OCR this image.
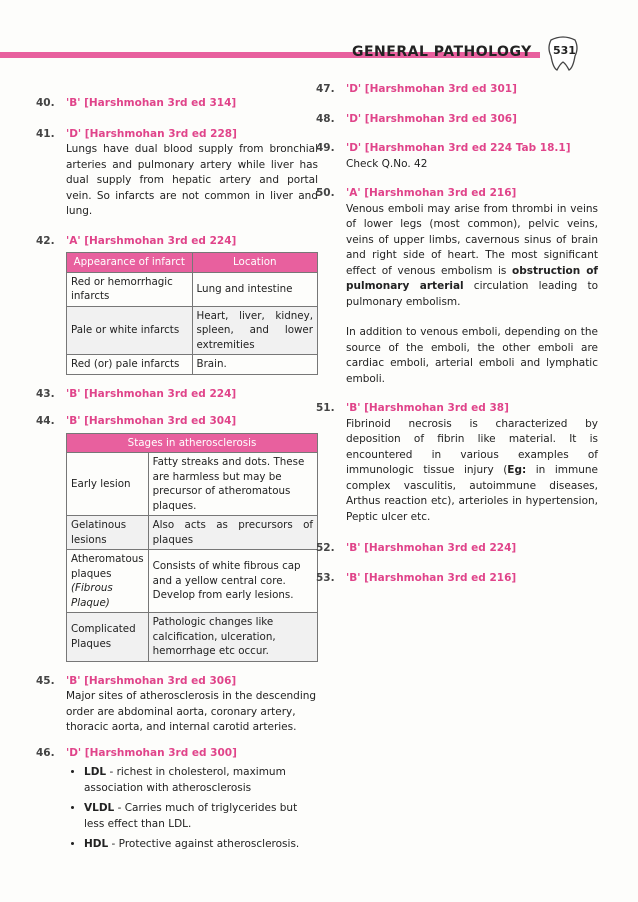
GENERAL PATHOLOGY 531
40.	'B' [Harshmohan 3rd ed 314]
41.	'D' [Harshmohan 3rd ed 228]
Lungs have dual blood supply from bronchial arteries and pulmonary artery while liver has dual supply from hepatic artery and portal vein. So infarcts are not common in liver and lung.
42.	'A' [Harshmohan 3rd ed 224]
Appearance of infarct	Location
Red or hemorrhagic infarcts	Lung and intestine
Pale or white infarcts	Heart, liver, kidney, spleen, and lower extremities
Red (or) pale infarcts	Brain.
43.	'B' [Harshmohan 3rd ed 224]
44.	'B' [Harshmohan 3rd ed 304]
Stages in atherosclerosis	
Early lesion	Fatty streaks and dots. These are harmless but may be precursor of atheromatous plaques.
Gelatinous lesions	Also acts as precursors of plaques
Atheromatous plaques
(Fibrous Plaque)	Consists of white fibrous cap and a yellow central core. Develop from early lesions.
Complicated Plaques	Pathologic changes like calcification, ulceration, hemorrhage etc occur.
45.	'B' [Harshmohan 3rd ed 306]
Major sites of atherosclerosis in the descending order are abdominal aorta, coronary artery, thoracic aorta, and internal carotid arteries.
46.	'D' [Harshmohan 3rd ed 300]
• LDL - richest in cholesterol, maximum association with atherosclerosis
• VLDL - Carries much of triglycerides but less effect than LDL.
• HDL - Protective against atherosclerosis.
47.	'D' [Harshmohan 3rd ed 301]
48.	'D' [Harshmohan 3rd ed 306]
49.	'D' [Harshmohan 3rd ed 224 Tab 18.1]
Check Q.No. 42
50.	'A' [Harshmohan 3rd ed 216]
Venous emboli may arise from thrombi in veins of lower legs (most common), pelvic veins, veins of upper limbs, cavernous sinus of brain and right side of heart. The most significant effect of venous embolism is obstruction of pulmonary arterial circulation leading to pulmonary embolism.
In addition to venous emboli, depending on the source of the emboli, the other emboli are cardiac emboli, arterial emboli and lymphatic emboli.
51.	'B' [Harshmohan 3rd ed 38]
Fibrinoid necrosis is characterized by deposition of fibrin like material. It is encountered in various examples of immunologic tissue injury (Eg: in immune complex vasculitis, autoimmune diseases, Arthus reaction etc), arterioles in hypertension, Peptic ulcer etc.
52.	'B' [Harshmohan 3rd ed 224]
53.	'B' [Harshmohan 3rd ed 216]
